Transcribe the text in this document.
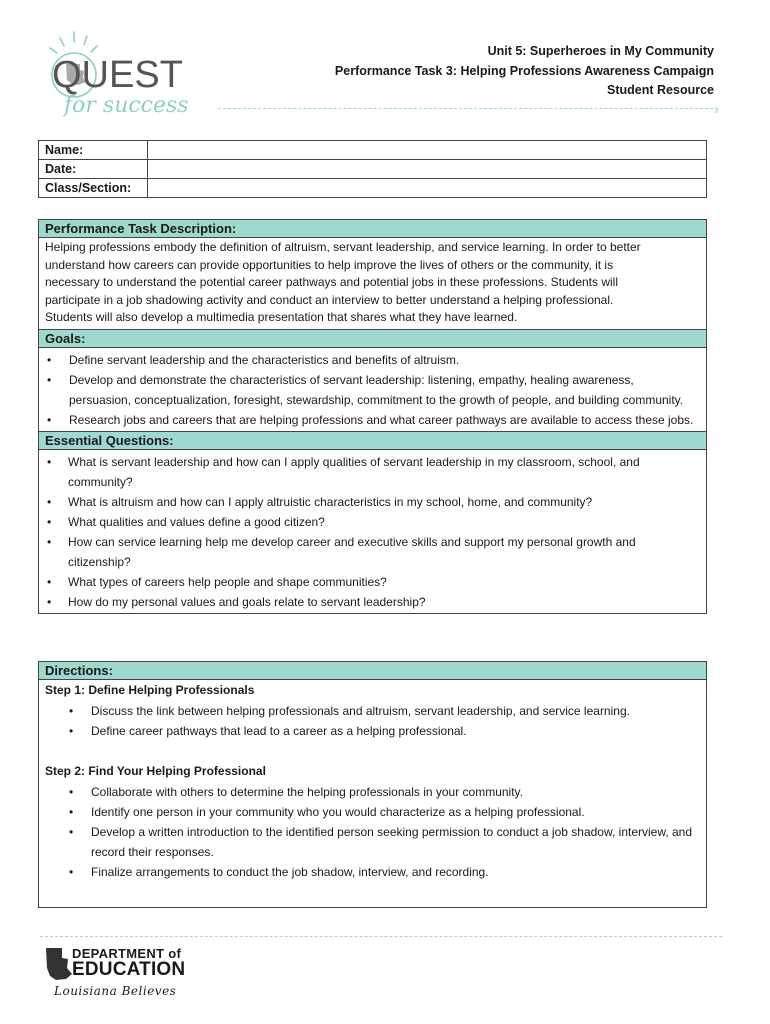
QUEST
for success
Unit 5: Superheroes in My Community
Performance Task 3: Helping Professions Awareness Campaign
Student Resource
›
Name:	
Date:	
Class/Section:	
Performance Task Description:
Helping professions embody the definition of altruism, servant leadership, and service learning. In order to better
understand how careers can provide opportunities to help improve the lives of others or the community, it is
necessary to understand the potential career pathways and potential jobs in these professions. Students will
participate in a job shadowing activity and conduct an interview to better understand a helping professional.
Students will also develop a multimedia presentation that shares what they have learned.
Goals:
• Define servant leadership and the characteristics and benefits of altruism.
• Develop and demonstrate the characteristics of servant leadership: listening, empathy, healing awareness, persuasion, conceptualization, foresight, stewardship, commitment to the growth of people, and building community.
• Research jobs and careers that are helping professions and what career pathways are available to access these jobs.
Essential Questions:
• What is servant leadership and how can I apply qualities of servant leadership in my classroom, school, and community?
• What is altruism and how can I apply altruistic characteristics in my school, home, and community?
• What qualities and values define a good citizen?
• How can service learning help me develop career and executive skills and support my personal growth and citizenship?
• What types of careers help people and shape communities?
• How do my personal values and goals relate to servant leadership?
Directions:
Step 1: Define Helping Professionals
• Discuss the link between helping professionals and altruism, servant leadership, and service learning.
• Define career pathways that lead to a career as a helping professional.
Step 2: Find Your Helping Professional
• Collaborate with others to determine the helping professionals in your community.
• Identify one person in your community who you would characterize as a helping professional.
• Develop a written introduction to the identified person seeking permission to conduct a job shadow, interview, and record their responses.
• Finalize arrangements to conduct the job shadow, interview, and recording.
DEPARTMENT of
EDUCATION
Louisiana Believes
